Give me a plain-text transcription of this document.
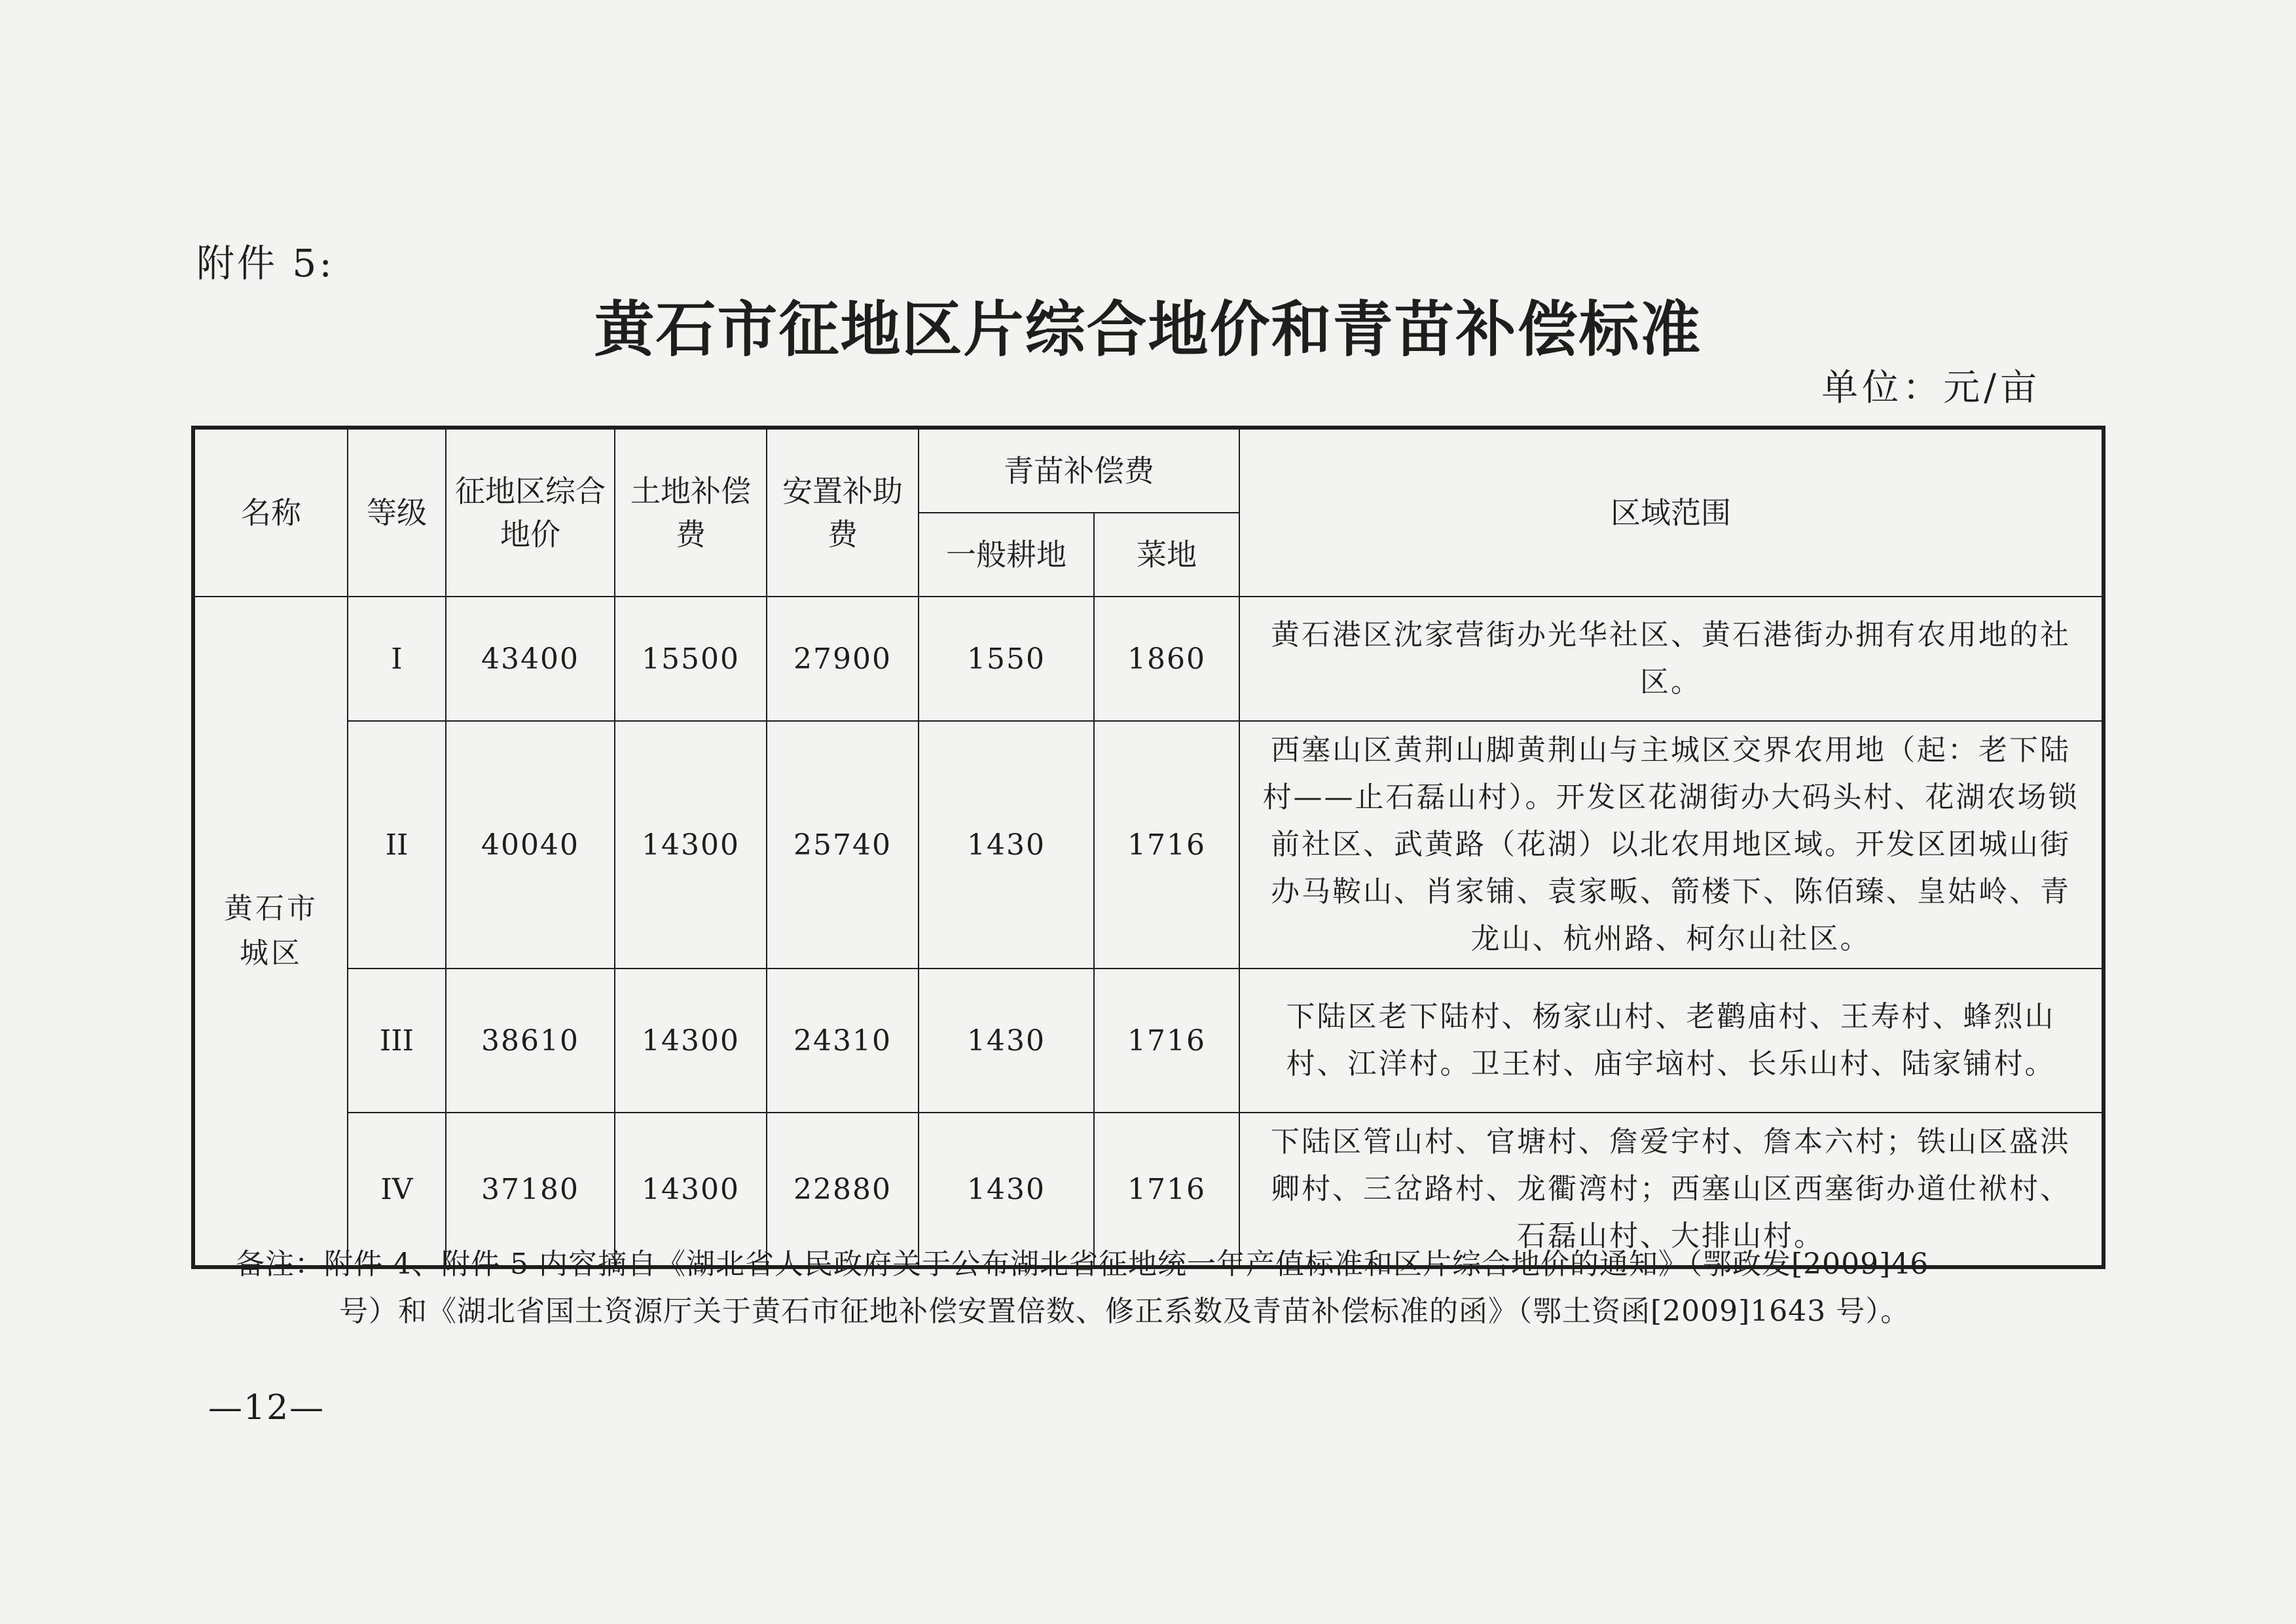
附件 5:
黄石市征地区片综合地价和青苗补偿标准
单位：元/亩
名称	等级	征地区综合地价	土地补偿费	安置补助费	青苗补偿费		区域范围
					一般耕地	菜地	
黄石市城区	I	43400	15500	27900	1550	1860	黄石港区沈家营街办光华社区、黄石港街办拥有农用地的社区。
	II	40040	14300	25740	1430	1716	西塞山区黄荆山脚黄荆山与主城区交界农用地（起：老下陆村——止石磊山村）。开发区花湖街办大码头村、花湖农场锁前社区、武黄路（花湖）以北农用地区域。开发区团城山街办马鞍山、肖家铺、袁家畈、箭楼下、陈佰臻、皇姑岭、青龙山、杭州路、柯尔山社区。
	III	38610	14300	24310	1430	1716	下陆区老下陆村、杨家山村、老鹳庙村、王寿村、蜂烈山村、江洋村。卫王村、庙宇垴村、长乐山村、陆家铺村。
	IV	37180	14300	22880	1430	1716	下陆区管山村、官塘村、詹爱宇村、詹本六村；铁山区盛洪卿村、三岔路村、龙衢湾村；西塞山区西塞街办道仕袱村、石磊山村、大排山村。
备注：附件 4、附件 5 内容摘自《湖北省人民政府关于公布湖北省征地统一年产值标准和区片综合地价的通知》（鄂政发[2009]46
号）和《湖北省国土资源厅关于黄石市征地补偿安置倍数、修正系数及青苗补偿标准的函》（鄂土资函[2009]1643 号）。
—12—
